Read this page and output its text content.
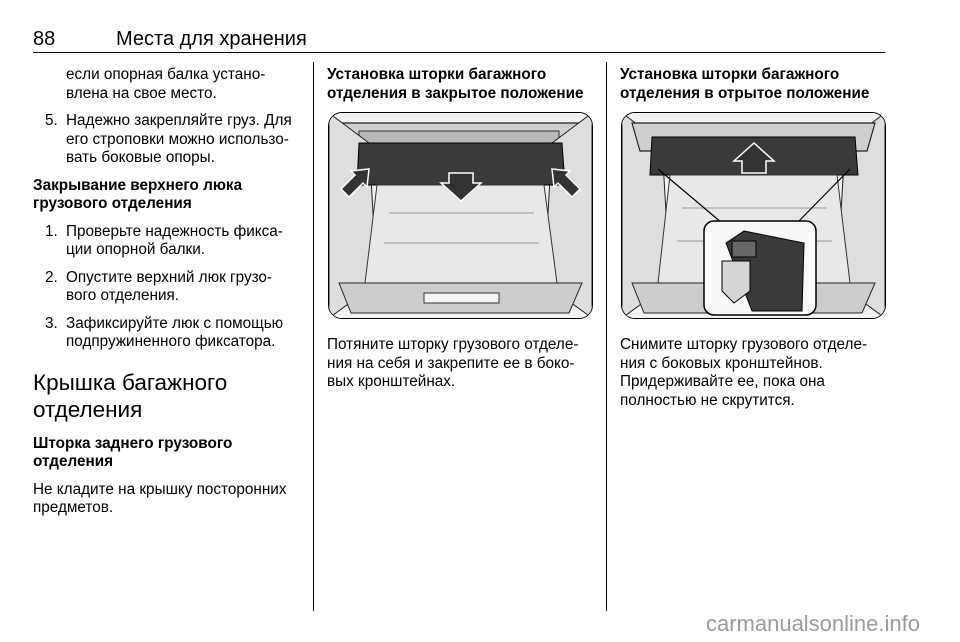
88	Места для хранения

если опорная балка устано-

влена на свое место.

5. Надежно закрепляйте груз. Для

его строповки можно использо-

вать боковые опоры.

Закрывание верхнего люка

грузового отделения

1. Проверьте надежность фикса-

ции опорной балки.

2. Опустите верхний люк грузо-

вого отделения.

3. Зафиксируйте люк с помощью

подпружиненного фиксатора.

Крышка багажного

отделения

Шторка заднего грузового

отделения

Не кладите на крышку посторонних

предметов.

Установка шторки багажного

отделения в закрытое положение

Потяните шторку грузового отделе-

ния на себя и закрепите ее в боко-

вых кронштейнах.

Установка шторки багажного

отделения в отрытое положение

Снимите шторку грузового отделе-

ния с боковых кронштейнов.

Придерживайте ее, пока она

полностью не скрутится.

carmanualsonline.info
